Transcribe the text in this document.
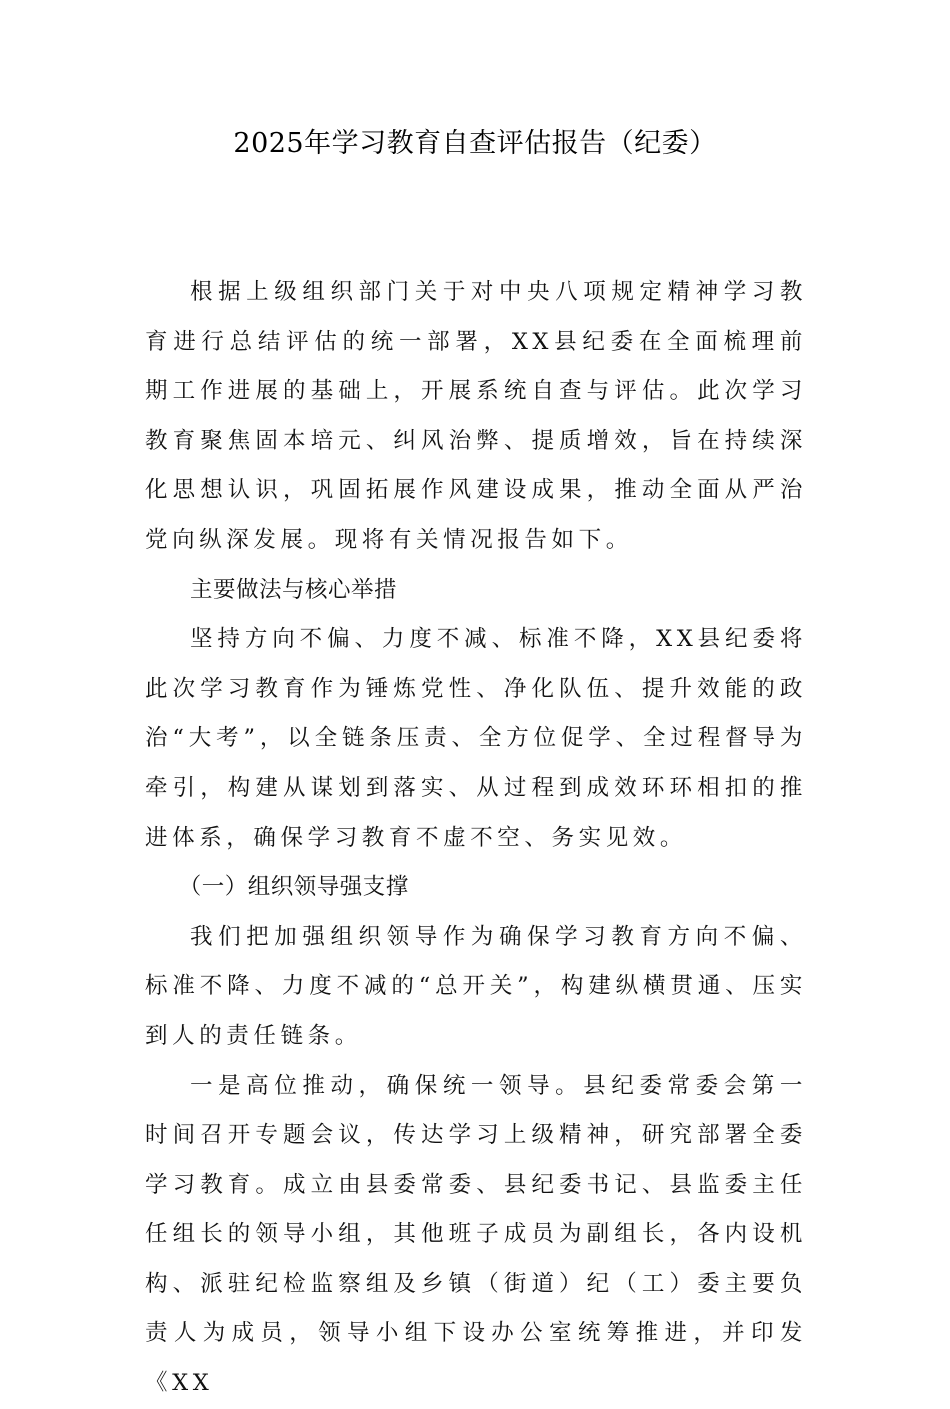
2025年学习教育自查评估报告（纪委）

根据上级组织部门关于对中央八项规定精神学习教育进行总结评估的统一部署，XX县纪委在全面梳理前期工作进展的基础上，开展系统自查与评估。此次学习教育聚焦固本培元、纠风治弊、提质增效，旨在持续深化思想认识，巩固拓展作风建设成果，推动全面从严治党向纵深发展。现将有关情况报告如下。

主要做法与核心举措

坚持方向不偏、力度不减、标准不降，XX县纪委将此次学习教育作为锤炼党性、净化队伍、提升效能的政治“大考”，以全链条压责、全方位促学、全过程督导为牵引，构建从谋划到落实、从过程到成效环环相扣的推进体系，确保学习教育不虚不空、务实见效。

（一）组织领导强支撑

我们把加强组织领导作为确保学习教育方向不偏、标准不降、力度不减的“总开关”，构建纵横贯通、压实到人的责任链条。

一是高位推动，确保统一领导。县纪委常委会第一时间召开专题会议，传达学习上级精神，研究部署全委学习教育。成立由县委常委、县纪委书记、县监委主任任组长的领导小组，其他班子成员为副组长，各内设机构、派驻纪检监察组及乡镇（街道）纪（工）委主要负责人为成员，领导小组下设办公室统筹推进，并印发《XX
